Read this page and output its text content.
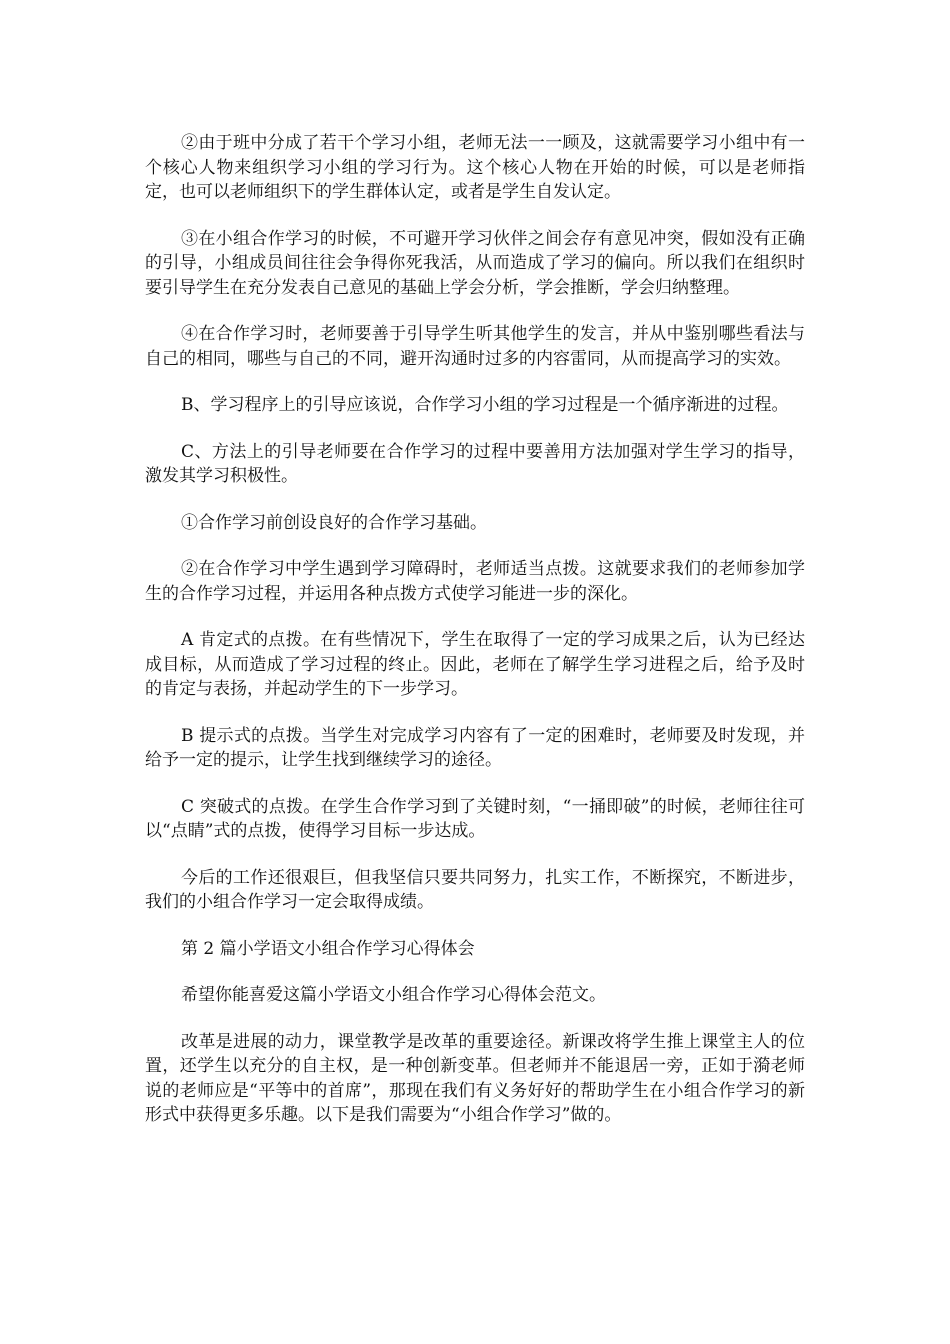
②由于班中分成了若干个学习小组，老师无法一一顾及，这就需要学习小组中有一个核心人物来组织学习小组的学习行为。这个核心人物在开始的时候，可以是老师指定，也可以老师组织下的学生群体认定，或者是学生自发认定。

③在小组合作学习的时候，不可避开学习伙伴之间会存有意见冲突，假如没有正确的引导，小组成员间往往会争得你死我活，从而造成了学习的偏向。所以我们在组织时要引导学生在充分发表自己意见的基础上学会分析，学会推断，学会归纳整理。

④在合作学习时，老师要善于引导学生听其他学生的发言，并从中鉴别哪些看法与自己的相同，哪些与自己的不同，避开沟通时过多的内容雷同，从而提高学习的实效。

B、学习程序上的引导应该说，合作学习小组的学习过程是一个循序渐进的过程。

C、方法上的引导老师要在合作学习的过程中要善用方法加强对学生学习的指导，激发其学习积极性。

①合作学习前创设良好的合作学习基础。

②在合作学习中学生遇到学习障碍时，老师适当点拨。这就要求我们的老师参加学生的合作学习过程，并运用各种点拨方式使学习能进一步的深化。

A 肯定式的点拨。在有些情况下，学生在取得了一定的学习成果之后，认为已经达成目标，从而造成了学习过程的终止。因此，老师在了解学生学习进程之后，给予及时的肯定与表扬，并起动学生的下一步学习。

B 提示式的点拨。当学生对完成学习内容有了一定的困难时，老师要及时发现，并给予一定的提示，让学生找到继续学习的途径。

C 突破式的点拨。在学生合作学习到了关键时刻，“一捅即破”的时候，老师往往可以“点睛”式的点拨，使得学习目标一步达成。

今后的工作还很艰巨，但我坚信只要共同努力，扎实工作，不断探究，不断进步，我们的小组合作学习一定会取得成绩。

第 2 篇小学语文小组合作学习心得体会

希望你能喜爱这篇小学语文小组合作学习心得体会范文。

改革是进展的动力，课堂教学是改革的重要途径。新课改将学生推上课堂主人的位置，还学生以充分的自主权，是一种创新变革。但老师并不能退居一旁，正如于漪老师说的老师应是“平等中的首席”，那现在我们有义务好好的帮助学生在小组合作学习的新形式中获得更多乐趣。以下是我们需要为“小组合作学习”做的。
